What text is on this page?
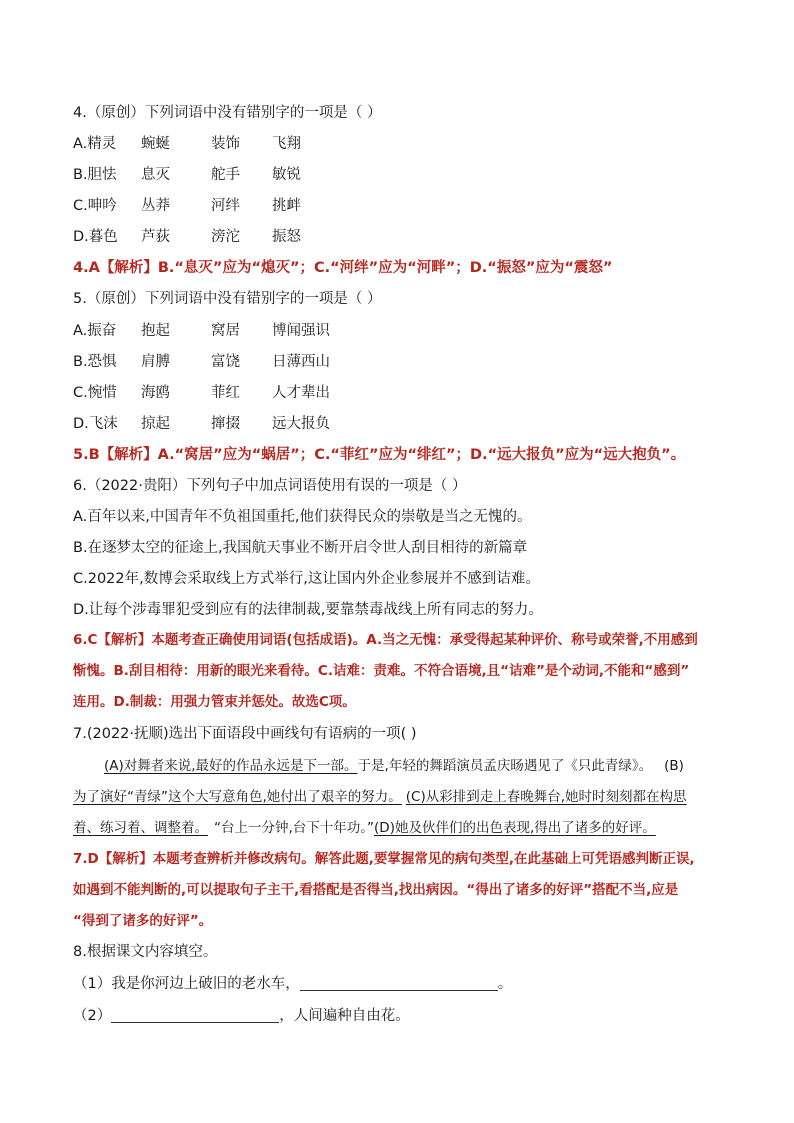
4.（原创）下列词语中没有错别字的一项是（ ）
A.精灵 蜿蜒	装饰 飞翔
B.胆怯 息灭	舵手 敏锐
C.呻吟 丛莽	河绊 挑衅
D.暮色 芦荻	滂沱 振怒
4.A【解析】B.“息灭”应为“熄灭”；C.“河绊”应为“河畔”；D.“振怒”应为“震怒”
5.（原创）下列词语中没有错别字的一项是（ ）
A.振奋 抱起	窝居 博闻强识
B.恐惧 肩膊	富饶 日薄西山
C.惋惜 海鸥	菲红 人才辈出
D.飞沫 掠起	撺掇 远大报负
5.B【解析】A.“窝居”应为“蜗居”；C.“菲红”应为“绯红”；D.“远大报负”应为“远大抱负”。
6.（2022·贵阳）下列句子中加点词语使用有误的一项是（ ）
A.百年以来,中国青年不负祖国重托,他们获得民众的崇敬是当之无愧的。
B.在逐梦太空的征途上,我国航天事业不断开启令世人刮目相待的新篇章
C.2022年,数博会采取线上方式举行,这让国内外企业参展并不感到诘难。
D.让每个涉毒罪犯受到应有的法律制裁,要靠禁毒战线上所有同志的努力。
6.C【解析】本题考查正确使用词语(包括成语)。A.当之无愧：承受得起某种评价、称号或荣誉,不用感到
惭愧。B.刮目相待：用新的眼光来看待。C.诘难：责难。不符合语境,且“诘难”是个动词,不能和“感到”
连用。D.制裁：用强力管束并惩处。故选C项。
7.(2022·抚顺)选出下面语段中画线句有语病的一项( )
(A)对舞者来说,最好的作品永远是下一部。于是,年轻的舞蹈演员孟庆旸遇见了《只此青绿》。 (B)
为了演好“青绿”这个大写意角色,她付出了艰辛的努力。 (C)从彩排到走上春晚舞台,她时时刻刻都在构思
着、练习着、调整着。 “台上一分钟,台下十年功。”(D)她及伙伴们的出色表现,得出了诸多的好评。
7.D【解析】本题考查辨析并修改病句。解答此题,要掌握常见的病句类型,在此基础上可凭语感判断正误,
如遇到不能判断的,可以提取句子主干,看搭配是否得当,找出病因。“得出了诸多的好评”搭配不当,应是
“得到了诸多的好评”。
8.根据课文内容填空。
（1）我是你河边上破旧的老水车，	。
（2）	，人间遍种自由花。
